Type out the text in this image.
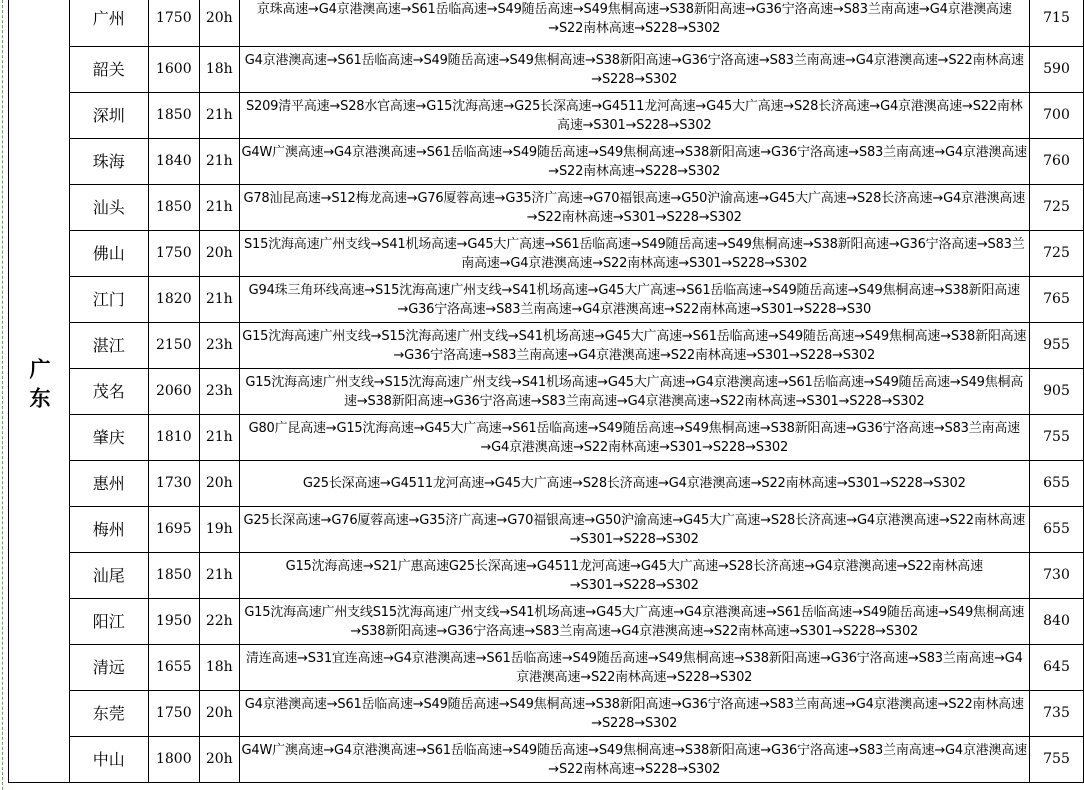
广东	广州	1750	20h	京珠高速→G4京港澳高速→S61岳临高速→S49随岳高速→S49焦桐高速→S38新阳高速→G36宁洛高速→S83兰南高速→G4京港澳高速→S22南林高速→S228→S302	715
	韶关	1600	18h	G4京港澳高速→S61岳临高速→S49随岳高速→S49焦桐高速→S38新阳高速→G36宁洛高速→S83兰南高速→G4京港澳高速→S22南林高速→S228→S302	590
	深圳	1850	21h	S209清平高速→S28水官高速→G15沈海高速→G25长深高速→G4511龙河高速→G45大广高速→S28长济高速→G4京港澳高速→S22南林高速→S301→S228→S302	700
	珠海	1840	21h	G4W广澳高速→G4京港澳高速→S61岳临高速→S49随岳高速→S49焦桐高速→S38新阳高速→G36宁洛高速→S83兰南高速→G4京港澳高速→S22南林高速→S228→S302	760
	汕头	1850	21h	G78汕昆高速→S12梅龙高速→G76厦蓉高速→G35济广高速→G70福银高速→G50沪渝高速→G45大广高速→S28长济高速→G4京港澳高速→S22南林高速→S301→S228→S302	725
	佛山	1750	20h	S15沈海高速广州支线→S41机场高速→G45大广高速→S61岳临高速→S49随岳高速→S49焦桐高速→S38新阳高速→G36宁洛高速→S83兰南高速→G4京港澳高速→S22南林高速→S301→S228→S302	725
	江门	1820	21h	G94珠三角环线高速→S15沈海高速广州支线→S41机场高速→G45大广高速→S61岳临高速→S49随岳高速→S49焦桐高速→S38新阳高速→G36宁洛高速→S83兰南高速→G4京港澳高速→S22南林高速→S301→S228→S30	765
	湛江	2150	23h	G15沈海高速广州支线→S15沈海高速广州支线→S41机场高速→G45大广高速→S61岳临高速→S49随岳高速→S49焦桐高速→S38新阳高速→G36宁洛高速→S83兰南高速→G4京港澳高速→S22南林高速→S301→S228→S302	955
	茂名	2060	23h	G15沈海高速广州支线→S15沈海高速广州支线→S41机场高速→G45大广高速→G4京港澳高速→S61岳临高速→S49随岳高速→S49焦桐高速→S38新阳高速→G36宁洛高速→S83兰南高速→G4京港澳高速→S22南林高速→S301→S228→S302	905
	肇庆	1810	21h	G80广昆高速→G15沈海高速→G45大广高速→S61岳临高速→S49随岳高速→S49焦桐高速→S38新阳高速→G36宁洛高速→S83兰南高速→G4京港澳高速→S22南林高速→S301→S228→S302	755
	惠州	1730	20h	G25长深高速→G4511龙河高速→G45大广高速→S28长济高速→G4京港澳高速→S22南林高速→S301→S228→S302	655
	梅州	1695	19h	G25长深高速→G76厦蓉高速→G35济广高速→G70福银高速→G50沪渝高速→G45大广高速→S28长济高速→G4京港澳高速→S22南林高速→S301→S228→S302	655
	汕尾	1850	21h	G15沈海高速→S21广惠高速G25长深高速→G4511龙河高速→G45大广高速→S28长济高速→G4京港澳高速→S22南林高速→S301→S228→S302	730
	阳江	1950	22h	G15沈海高速广州支线S15沈海高速广州支线→S41机场高速→G45大广高速→G4京港澳高速→S61岳临高速→S49随岳高速→S49焦桐高速→S38新阳高速→G36宁洛高速→S83兰南高速→G4京港澳高速→S22南林高速→S301→S228→S302	840
	清远	1655	18h	清连高速→S31宜连高速→G4京港澳高速→S61岳临高速→S49随岳高速→S49焦桐高速→S38新阳高速→G36宁洛高速→S83兰南高速→G4京港澳高速→S22南林高速→S228→S302	645
	东莞	1750	20h	G4京港澳高速→S61岳临高速→S49随岳高速→S49焦桐高速→S38新阳高速→G36宁洛高速→S83兰南高速→G4京港澳高速→S22南林高速→S228→S302	735
	中山	1800	20h	G4W广澳高速→G4京港澳高速→S61岳临高速→S49随岳高速→S49焦桐高速→S38新阳高速→G36宁洛高速→S83兰南高速→G4京港澳高速→S22南林高速→S228→S302	755
